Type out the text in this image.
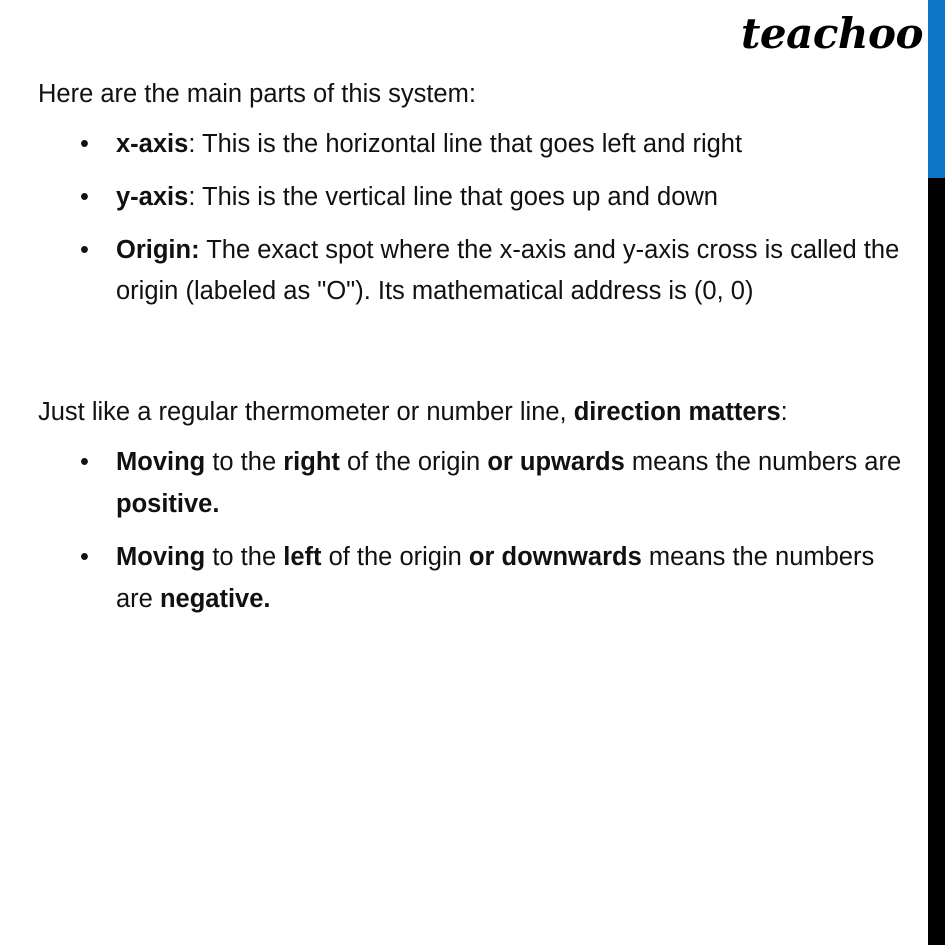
teachoo

Here are the main parts of this system:

• x-axis: This is the horizontal line that goes left and right
• y-axis: This is the vertical line that goes up and down
• Origin: The exact spot where the x-axis and y-axis cross is called the origin (labeled as "O"). Its mathematical address is (0, 0)

Just like a regular thermometer or number line, direction matters:

• Moving to the right of the origin or upwards means the numbers are positive.
• Moving to the left of the origin or downwards means the numbers are negative.
